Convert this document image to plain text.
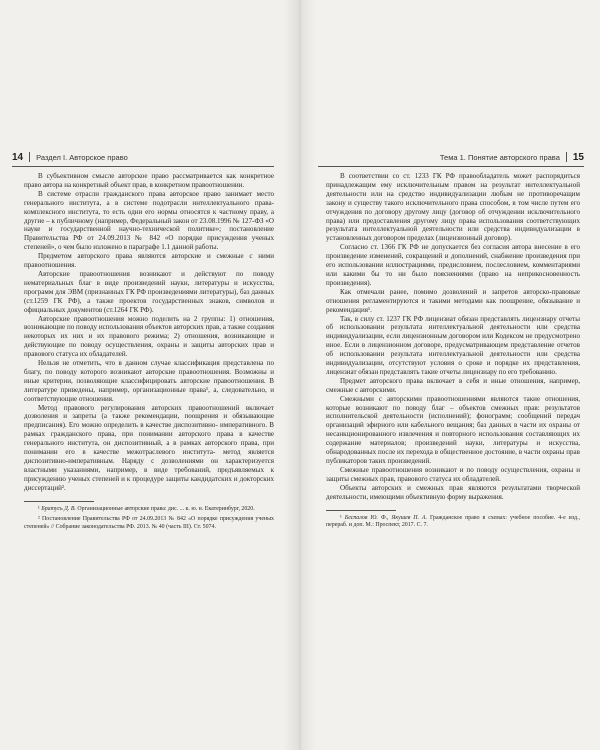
14 Раздел I. Авторское право

В субъективном смысле авторское право рассматривается как конкретное право автора на конкретный объект прав, в конкретном правоотношении.

В системе отрасли гражданского права авторское право занимает место генерального института, а в системе подотрасли интеллектуального права- комплексного института, то есть одни его нормы относятся к частному праву, а другие – к публичному (например, Федеральный закон от 23.08.1996 № 127-ФЗ «О науке и государственной научно-технической политике»; постановление Правительства РФ от 24.09.2013 № 842 «О порядке присуждения ученых степеней», о чем было изложено в параграфе 1.1 данной работы.

Предметом авторского права являются авторские и смежные с ними правоотношения.

Авторские правоотношения возникают и действуют по поводу нематериальных благ в виде произведений науки, литературы и искусства, программ для ЭВМ (признанных ГК РФ произведениями литературы), баз данных (ст.1259 ГК РФ), а также проектов государственных знаков, символов и официальных документов (ст.1264 ГК РФ).

Авторские правоотношения можно поделить на 2 группы: 1) отношения, возникающие по поводу использования объектов авторских прав, а также создания некоторых их них и их правового режима; 2) отношения, возникающие и действующие по поводу осуществления, охраны и защиты авторских прав и правового статуса их обладателей.

Нельзя не отметить, что в данном случае классификация представлена по благу, по поводу которого возникают авторские правоотношения. Возможны и иные критерии, позволяющие классифицировать авторские правоотношения. В литературе приведены, например, организационные права¹, а, следовательно, и соответствующие отношения.

Метод правового регулирования авторских правоотношений включает дозволения и запреты (а также рекомендации, поощрения и обязывающие предписания). Его можно определить в качестве диспозитивно- императивного. В рамках гражданского права, при понимании авторского права в качестве генерального института, он диспозитивный, а в рамках авторского права, при понимании его в качестве межотраслевого института- метод является диспозитивно-императивным. Наряду с дозволениями он характеризуется властными указаниями, например, в виде требований, предъявляемых к присуждению ученых степеней и к процедуре защиты кандидатских и докторских диссертаций².

¹ Братусь Д. В. Организационные авторские права: дис. ... к. ю. н. Екатеринбург, 2020.

² Постановление Правительства РФ от 24.09.2013 № 842 «О порядке присуждения ученых степеней» // Собрание законодательства РФ. 2013. № 40 (часть III). Ст. 5074.

Тема 1. Понятие авторского права 15

В соответствии со ст. 1233 ГК РФ правообладатель может распорядиться принадлежащим ему исключительным правом на результат интеллектуальной деятельности или на средство индивидуализации любым не противоречащим закону и существу такого исключительного права способом, в том числе путем его отчуждения по договору другому лицу (договор об отчуждении исключительного права) или предоставления другому лицу права использования соответствующих результата интеллектуальной деятельности или средства индивидуализации в установленных договором пределах (лицензионный договор).

Согласно ст. 1366 ГК РФ не допускается без согласия автора внесение в его произведение изменений, сокращений и дополнений, снабжение произведения при его использовании иллюстрациями, предисловием, послесловием, комментариями или какими бы то ни было пояснениями (право на неприкосновенность произведения).

Как отмечали ранее, помимо дозволений и запретов авторско-правовые отношения регламентируются и такими методами как поощрение, обязывание и рекомендация¹.

Так, в силу ст. 1237 ГК РФ лицензиат обязан представлять лицензиару отчеты об использовании результата интеллектуальной деятельности или средства индивидуализации, если лицензионным договором или Кодексом не предусмотрено иное. Если в лицензионном договоре, предусматривающем представление отчетов об использовании результата интеллектуальной деятельности или средства индивидуализации, отсутствуют условия о сроке и порядке их представления, лицензиат обязан представлять такие отчеты лицензиару по его требованию.

Предмет авторского права включает в себя и иные отношения, например, смежные с авторскими.

Смежными с авторскими правоотношениями являются такие отношения, которые возникают по поводу благ – объектов смежных прав: результатов исполнительской деятельности (исполнений); фонограмм; сообщений передач организаций эфирного или кабельного вещания; баз данных в части их охраны от несанкционированного извлечения и повторного использования составляющих их содержание материалов; произведений науки, литературы и искусства, обнародованных после их перехода в общественное достояние, в части охраны прав публикаторов таких произведений.

Смежные правоотношения возникают и по поводу осуществления, охраны и защиты смежных прав, правового статуса их обладателей.

Объекты авторских и смежных прав являются результатами творческой деятельности, имеющими объективную форму выражения.

¹ Беспалов Ю. Ф., Якушев П. А. Гражданское право в схемах: учебное пособие. 4-е изд., перераб. и доп. М.: Проспект, 2017. С. 7.
